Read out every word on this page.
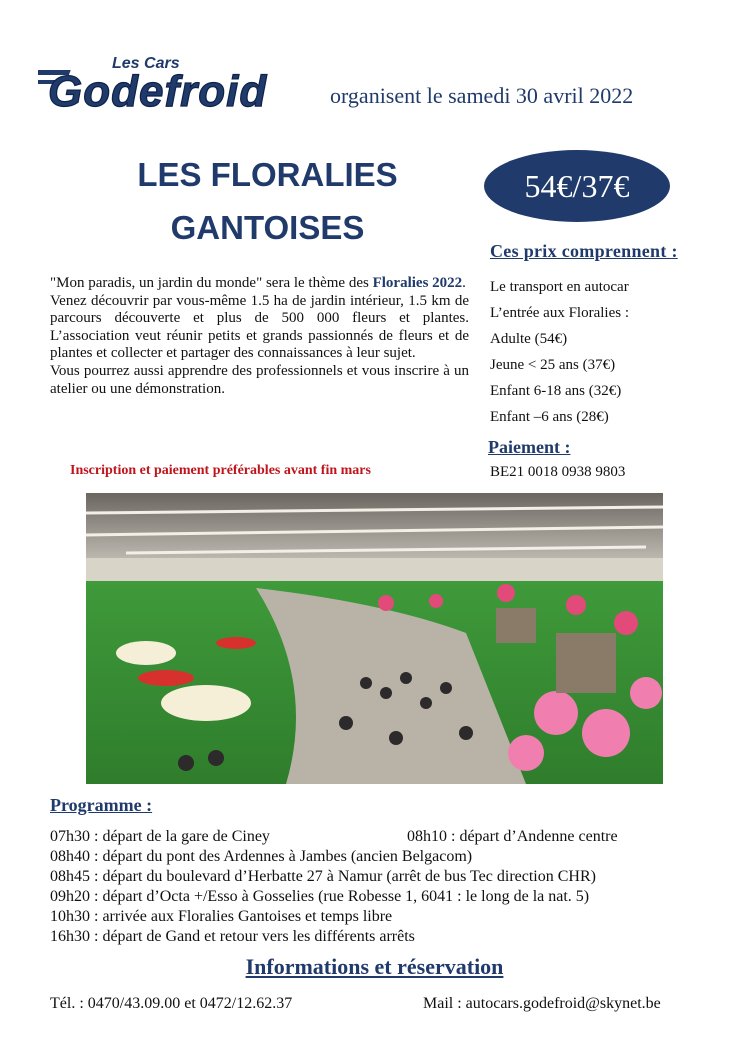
Les Cars
Godefroid	organisent le samedi 30 avril 2022
LES FLORALIES
GANTOISES
54€/37€
Ces prix comprennent :
Le transport en autocar
L’entrée aux Floralies :
Adulte (54€)
Jeune < 25 ans (37€)
Enfant 6-18 ans (32€)
Enfant –6 ans (28€)
Paiement :
BE21 0018 0938 9803

"Mon paradis, un jardin du monde" sera le thème des Floralies 2022.

Venez découvrir par vous-même 1.5 ha de jardin intérieur, 1.5 km de parcours découverte et plus de 500 000 fleurs et plantes. L’association veut réunir petits et grands passionnés de fleurs et de plantes et collecter et partager des connaissances à leur sujet.

Vous pourrez aussi apprendre des professionnels et vous inscrire à un atelier ou une démonstration.

Inscription et paiement préférables avant fin mars
Programme :
07h30 : départ de la gare de Ciney	08h10 : départ d’Andenne centre
08h40 : départ du pont des Ardennes à Jambes (ancien Belgacom)
08h45 : départ du boulevard d’Herbatte 27 à Namur (arrêt de bus Tec direction CHR)
09h20 : départ d’Octa +/Esso à Gosselies (rue Robesse 1, 6041 : le long de la nat. 5)
10h30 : arrivée aux Floralies Gantoises et temps libre
16h30 : départ de Gand et retour vers les différents arrêts
Informations et réservation
Tél. : 0470/43.09.00 et 0472/12.62.37	Mail : autocars.godefroid@skynet.be
